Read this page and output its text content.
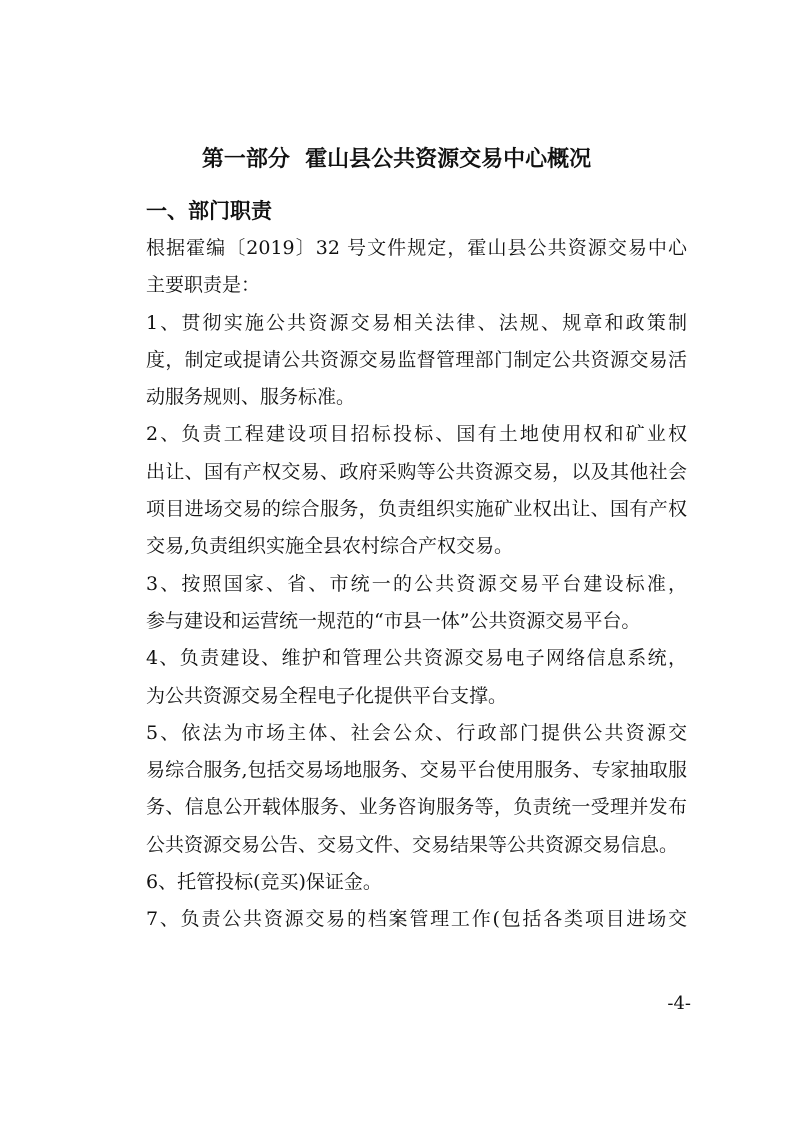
第一部分  霍山县公共资源交易中心概况
一、部门职责

根据霍编〔2019〕32 号文件规定，霍山县公共资源交易中心
主要职责是：

1、贯彻实施公共资源交易相关法律、法规、规章和政策制
度，制定或提请公共资源交易监督管理部门制定公共资源交易活
动服务规则、服务标准。

2、负责工程建设项目招标投标、国有土地使用权和矿业权
出让、国有产权交易、政府采购等公共资源交易，以及其他社会
项目进场交易的综合服务，负责组织实施矿业权出让、国有产权
交易,负责组织实施全县农村综合产权交易。

3、按照国家、省、市统一的公共资源交易平台建设标准，
参与建设和运营统一规范的“市县一体”公共资源交易平台。

4、负责建设、维护和管理公共资源交易电子网络信息系统，
为公共资源交易全程电子化提供平台支撑。

5、依法为市场主体、社会公众、行政部门提供公共资源交
易综合服务,包括交易场地服务、交易平台使用服务、专家抽取服
务、信息公开载体服务、业务咨询服务等，负责统一受理并发布
公共资源交易公告、交易文件、交易结果等公共资源交易信息。

6、托管投标(竞买)保证金。

7、负责公共资源交易的档案管理工作(包括各类项目进场交

-4-
